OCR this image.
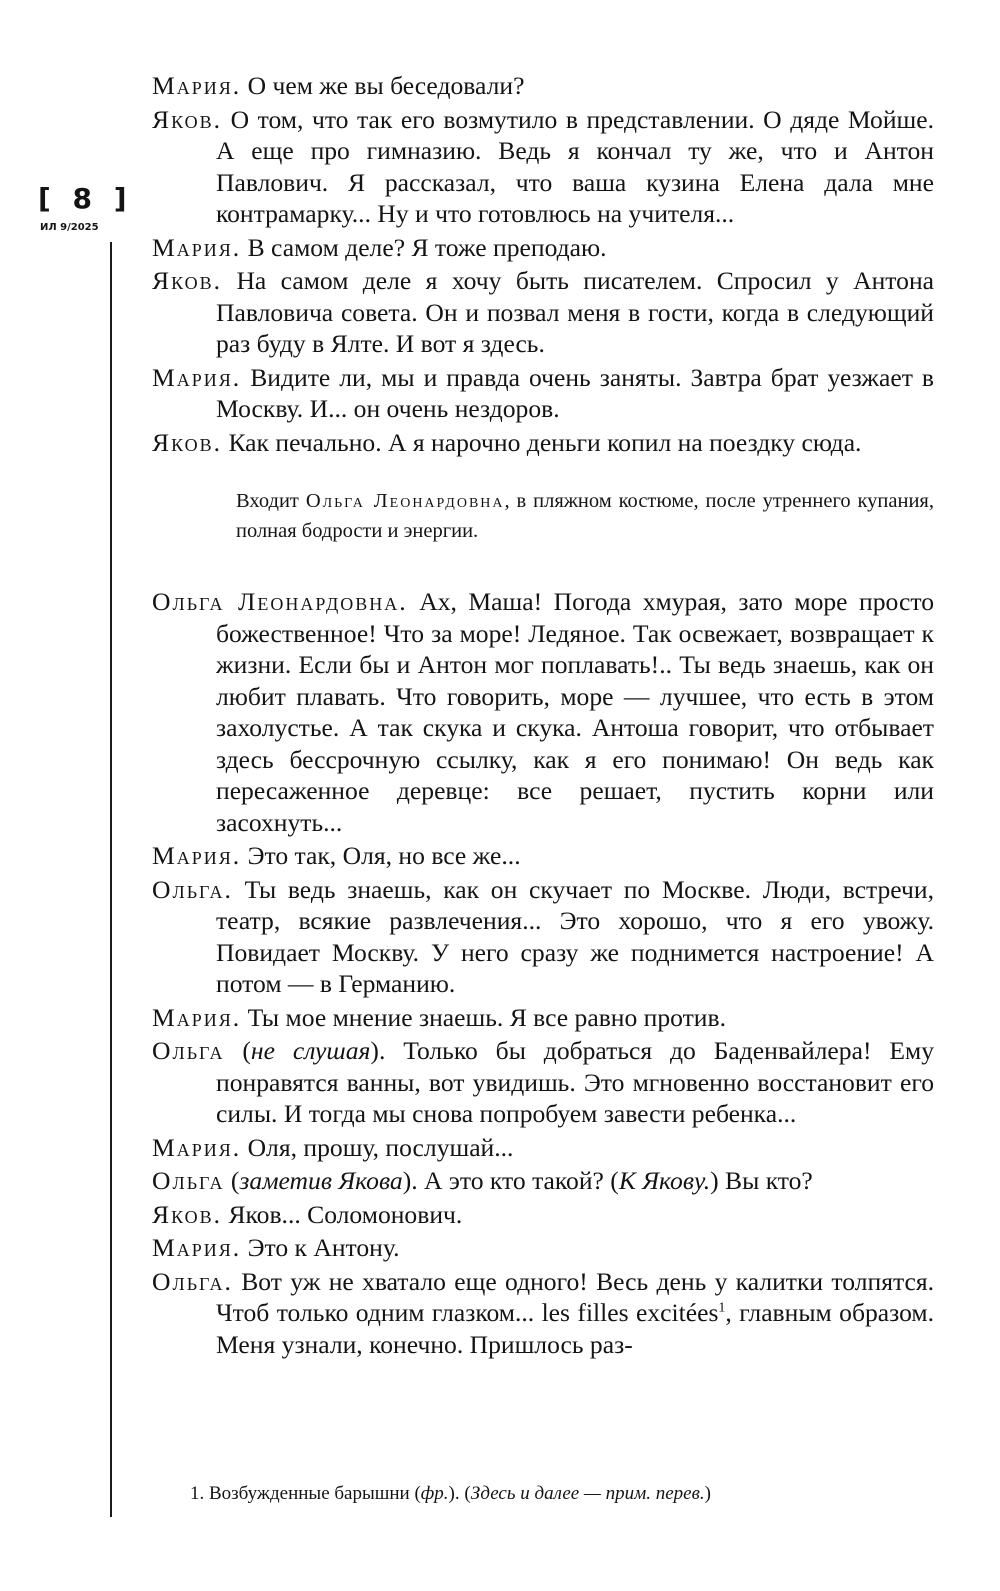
[ 8 ]
ИЛ 9/2025

Мария. О чем же вы беседовали?

Яков. О том, что так его возмутило в представлении. О дяде Мойше. А еще про гимназию. Ведь я кончал ту же, что и Антон Павлович. Я рассказал, что ваша кузина Елена дала мне контрамарку... Ну и что готовлюсь на учителя...

Мария. В самом деле? Я тоже преподаю.

Яков. На самом деле я хочу быть писателем. Спросил у Антона Павловича совета. Он и позвал меня в гости, когда в следующий раз буду в Ялте. И вот я здесь.

Мария. Видите ли, мы и правда очень заняты. Завтра брат уезжает в Москву. И... он очень нездоров.

Яков. Как печально. А я нарочно деньги копил на поездку сюда.

Входит Ольга Леонардовна, в пляжном костюме, после утреннего купания, полная бодрости и энергии.

Ольга Леонардовна. Ах, Маша! Погода хмурая, зато море просто божественное! Что за море! Ледяное. Так освежает, возвращает к жизни. Если бы и Антон мог поплавать!.. Ты ведь знаешь, как он любит плавать. Что говорить, море — лучшее, что есть в этом захолустье. А так скука и скука. Антоша говорит, что отбывает здесь бессрочную ссылку, как я его понимаю! Он ведь как пересаженное деревце: все решает, пустить корни или засохнуть...

Мария. Это так, Оля, но все же...

Ольга. Ты ведь знаешь, как он скучает по Москве. Люди, встречи, театр, всякие развлечения... Это хорошо, что я его увожу. Повидает Москву. У него сразу же поднимется настроение! А потом — в Германию.

Мария. Ты мое мнение знаешь. Я все равно против.

Ольга (не слушая). Только бы добраться до Баденвайлера! Ему понравятся ванны, вот увидишь. Это мгновенно восстановит его силы. И тогда мы снова попробуем завести ребенка...

Мария. Оля, прошу, послушай...

Ольга (заметив Якова). А это кто такой? (К Якову.) Вы кто?

Яков. Яков... Соломонович.

Мария. Это к Антону.

Ольга. Вот уж не хватало еще одного! Весь день у калитки толпятся. Чтоб только одним глазком... les filles excitées$^1$, главным образом. Меня узнали, конечно. Пришлось раз-

1. Возбужденные барышни (фр.). (Здесь и далее — прим. перев.)
